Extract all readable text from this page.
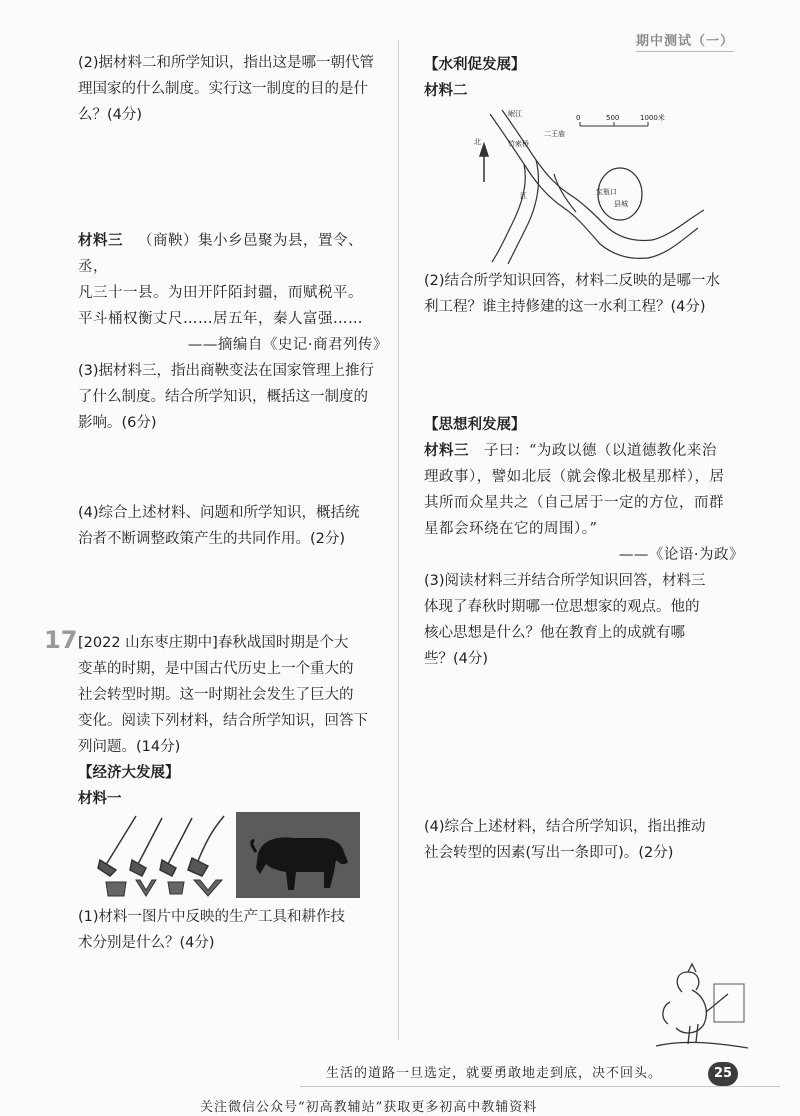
期中测试（一）

(2)据材料二和所学知识，指出这是哪一朝代管

理国家的什么制度。实行这一制度的目的是什

么？(4分)

材料三  （商鞅）集小乡邑聚为县，置令、丞，

凡三十一县。为田开阡陌封疆，而赋税平。

平斗桶权衡丈尺……居五年，秦人富强……

——摘编自《史记·商君列传》

(3)据材料三，指出商鞅变法在国家管理上推行

了什么制度。结合所学知识，概括这一制度的

影响。(6分)

(4)综合上述材料、问题和所学知识，概括统

治者不断调整政策产生的共同作用。(2分)

17 [2022 山东枣庄期中]春秋战国时期是个大

变革的时期，是中国古代历史上一个重大的

社会转型时期。这一时期社会发生了巨大的

变化。阅读下列材料，结合所学知识，回答下

列问题。(14分)

【经济大发展】

材料一

(1)材料一图片中反映的生产工具和耕作技

术分别是什么？(4分)

【水利促发展】

材料二

岷江
二王庙
竹索桥
北
宝瓶口
县城
江
0	500	1000米

(2)结合所学知识回答，材料二反映的是哪一水

利工程？谁主持修建的这一水利工程？(4分)

【思想利发展】

材料三  子曰：“为政以德（以道德教化来治

理政事），譬如北辰（就会像北极星那样），居

其所而众星共之（自己居于一定的方位，而群

星都会环绕在它的周围）。”

——《论语·为政》

(3)阅读材料三并结合所学知识回答，材料三

体现了春秋时期哪一位思想家的观点。他的

核心思想是什么？他在教育上的成就有哪

些？(4分)

(4)综合上述材料，结合所学知识，指出推动

社会转型的因素(写出一条即可)。(2分)

生活的道路一旦选定，就要勇敢地走到底，决不回头。	25
关注微信公众号“初高教辅站”获取更多初高中教辅资料
